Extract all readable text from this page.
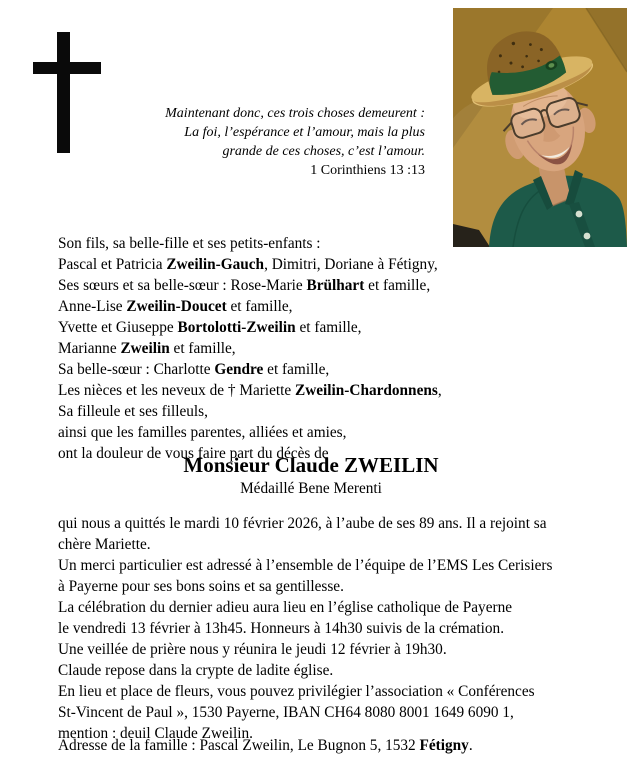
Maintenant donc, ces trois choses demeurent :
La foi, l’espérance et l’amour, mais la plus
grande de ces choses, c’est l’amour.
1 Corinthiens 13 :13
Son fils, sa belle-fille et ses petits-enfants :
Pascal et Patricia Zweilin-Gauch, Dimitri, Doriane à Fétigny,
Ses sœurs et sa belle-sœur : Rose-Marie Brülhart et famille,
Anne-Lise Zweilin-Doucet et famille,
Yvette et Giuseppe Bortolotti-Zweilin et famille,
Marianne Zweilin et famille,
Sa belle-sœur : Charlotte Gendre et famille,
Les nièces et les neveux de † Mariette Zweilin-Chardonnens,
Sa filleule et ses filleuls,
ainsi que les familles parentes, alliées et amies,
ont la douleur de vous faire part du décès de
Monsieur Claude ZWEILIN
Médaillé Bene Merenti
qui nous a quittés le mardi 10 février 2026, à l’aube de ses 89 ans. Il a rejoint sa
chère Mariette.
Un merci particulier est adressé à l’ensemble de l’équipe de l’EMS Les Cerisiers
à Payerne pour ses bons soins et sa gentillesse.
La célébration du dernier adieu aura lieu en l’église catholique de Payerne
le vendredi 13 février à 13h45. Honneurs à 14h30 suivis de la crémation.
Une veillée de prière nous y réunira le jeudi 12 février à 19h30.
Claude repose dans la crypte de ladite église.
En lieu et place de fleurs, vous pouvez privilégier l’association « Conférences
St-Vincent de Paul », 1530 Payerne, IBAN CH64 8080 8001 1649 6090 1,
mention : deuil Claude Zweilin.
Adresse de la famille : Pascal Zweilin, Le Bugnon 5, 1532 Fétigny.
